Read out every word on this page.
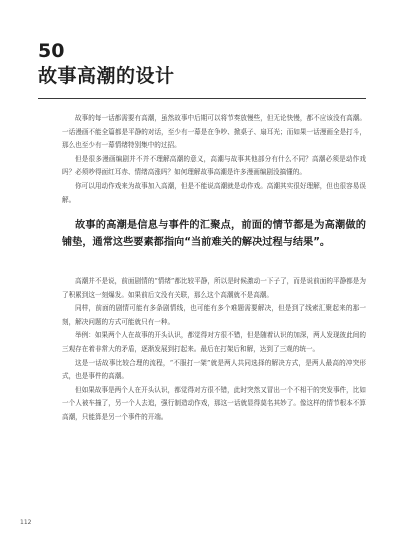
50
故事高潮的设计

故事的每一话都需要有高潮，虽然故事中后期可以将节奏放慢些，但无论快慢，都不应该没有高潮。一话漫画不能全篇都是平静的对话，至少有一幕是在争吵、掀桌子、扇耳光；而如果一话漫画全是打斗，那么也至少有一幕情绪特别集中的过招。

但是很多漫画编剧并不并不理解高潮的意义，高潮与故事其他部分有什么不同？高潮必须是动作戏吗？必须吵得面红耳赤、情绪高涨吗？如何理解故事高潮是许多漫画编剧没搞懂的。

你可以用动作戏来为故事加入高潮，但是不能说高潮就是动作戏。高潮其实很好理解，但也很容易误解。

故事的高潮是信息与事件的汇聚点，前面的情节都是为高潮做的铺垫，通常这些要素都指向“当前难关的解决过程与结果”。

高潮并不是说，前面剧情的“情绪”都比较平静，所以是时候激动一下子了，而是说前面的平静都是为了积累到这一刻爆发。如果前后文没有关联，那么这个高潮就不是高潮。

同样，前面的剧情可能有多条剧情线，也可能有多个难题需要解决，但是到了线索汇聚起来的那一刻，解决问题的方式可能就只有一种。

举例：如果两个人在故事的开头认识，都觉得对方很不错，但是随着认识的加深，两人发现彼此间的三观存在着非常大的矛盾，逐渐发展到打起来。最后在打架后和解，达到了三观的统一。

这是一话故事比较合理的流程，“不服打一架”就是两人共同选择的解决方式，是两人最高的冲突形式，也是事件的高潮。

但如果故事是两个人在开头认识，都觉得对方很不错，此时突然又冒出一个不相干的突发事件，比如一个人被车撞了，另一个人去追，强行制造动作戏，那这一话就显得莫名其妙了。像这样的情节根本不算高潮，只能算是另一个事件的开端。

112
